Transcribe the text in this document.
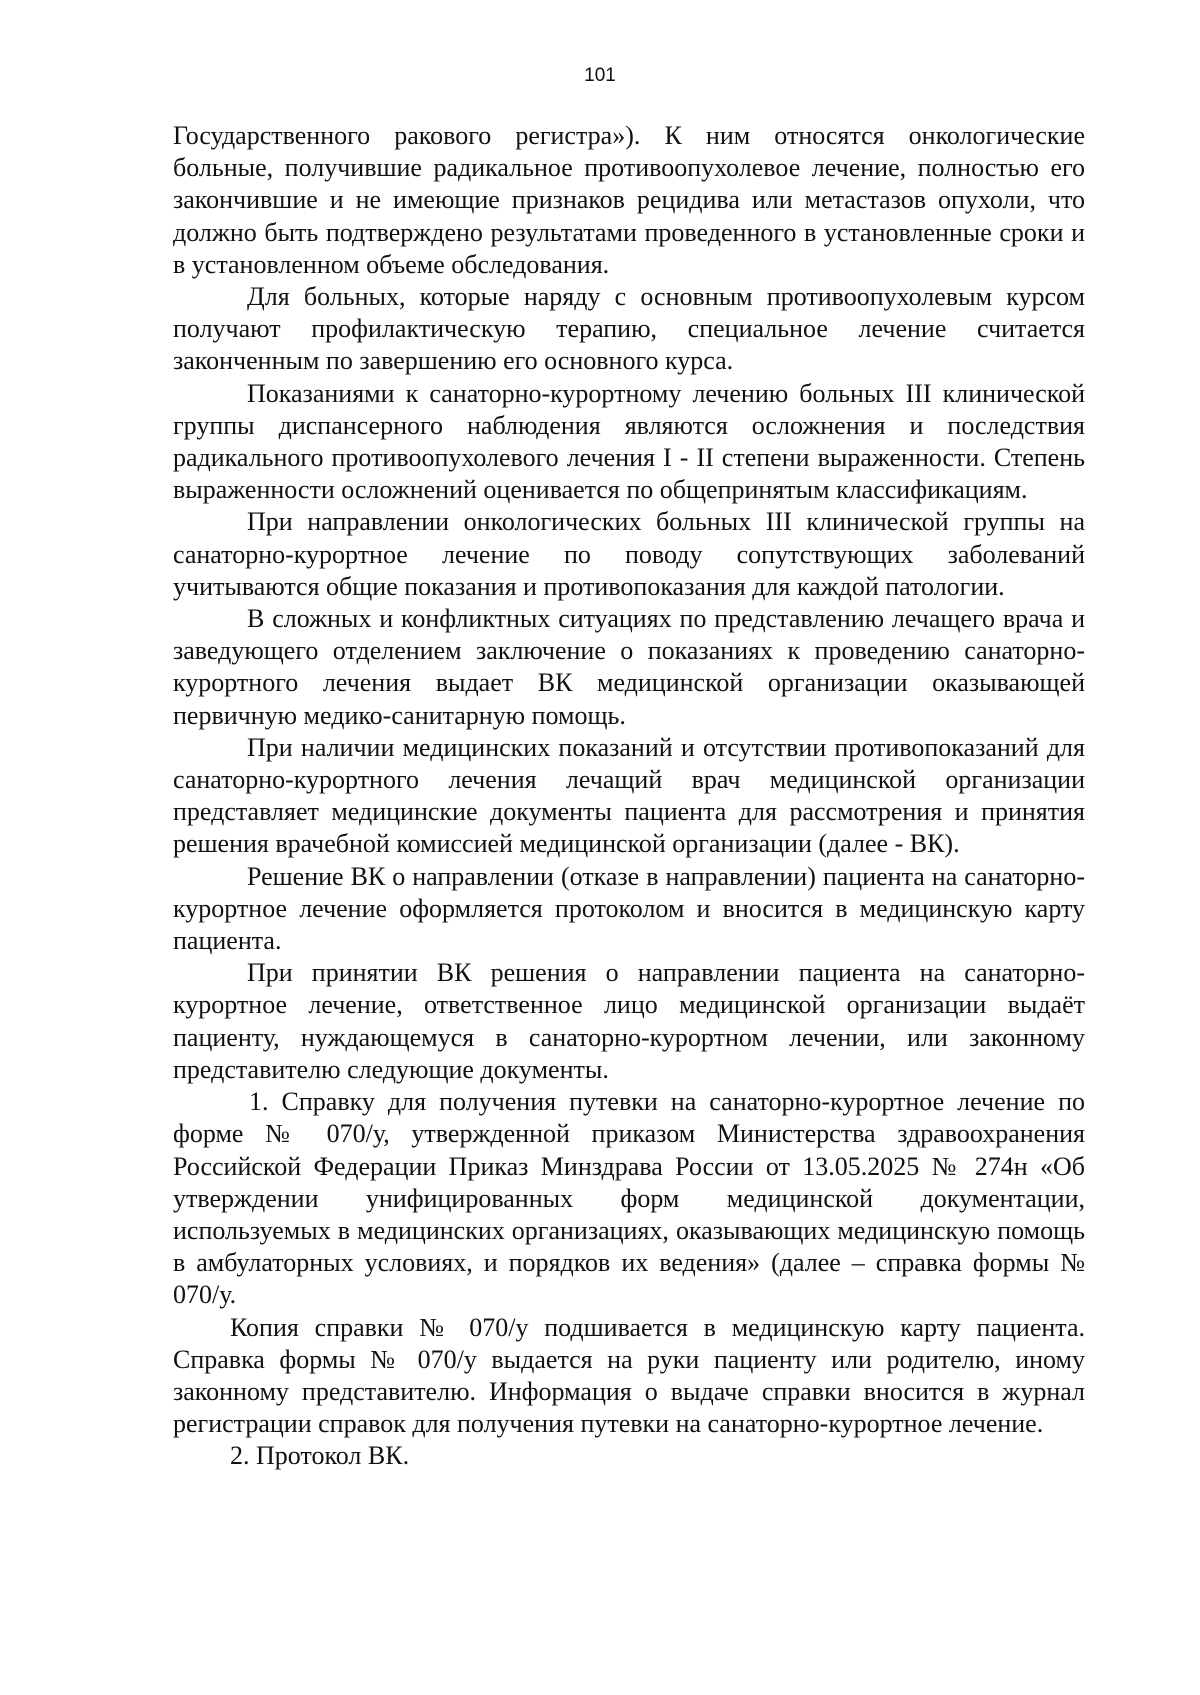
101

Государственного ракового регистра»). К ним относятся онкологические больные, получившие радикальное противоопухолевое лечение, полностью его закончившие и не имеющие признаков рецидива или метастазов опухоли, что должно быть подтверждено результатами проведенного в установленные сроки и в установленном объеме обследования.

Для больных, которые наряду с основным противоопухолевым курсом получают профилактическую терапию, специальное лечение считается законченным по завершению его основного курса.

Показаниями к санаторно-курортному лечению больных III клинической группы диспансерного наблюдения являются осложнения и последствия радикального противоопухолевого лечения I - II степени выраженности. Степень выраженности осложнений оценивается по общепринятым классификациям.

При направлении онкологических больных III клинической группы на санаторно-курортное лечение по поводу сопутствующих заболеваний учитываются общие показания и противопоказания для каждой патологии.

В сложных и конфликтных ситуациях по представлению лечащего врача и заведующего отделением заключение о показаниях к проведению санаторно-курортного лечения выдает ВК медицинской организации оказывающей первичную медико-санитарную помощь.

При наличии медицинских показаний и отсутствии противопоказаний для санаторно-курортного лечения лечащий врач медицинской организации представляет медицинские документы пациента для рассмотрения и принятия решения врачебной комиссией медицинской организации (далее - ВК).

Решение ВК о направлении (отказе в направлении) пациента на санаторно-курортное лечение оформляется протоколом и вносится в медицинскую карту пациента.

При принятии ВК решения о направлении пациента на санаторно-курортное лечение, ответственное лицо медицинской организации выдаёт пациенту, нуждающемуся в санаторно-курортном лечении, или законному представителю следующие документы.

1. Справку для получения путевки на санаторно-курортное лечение по форме № 070/у, утвержденной приказом Министерства здравоохранения Российской Федерации Приказ Минздрава России от 13.05.2025 № 274н «Об утверждении унифицированных форм медицинской документации, используемых в медицинских организациях, оказывающих медицинскую помощь в амбулаторных условиях, и порядков их ведения» (далее – справка формы № 070/у.

Копия справки № 070/у подшивается в медицинскую карту пациента. Справка формы № 070/у выдается на руки пациенту или родителю, иному законному представителю. Информация о выдаче справки вносится в журнал регистрации справок для получения путевки на санаторно-курортное лечение.

2. Протокол ВК.
